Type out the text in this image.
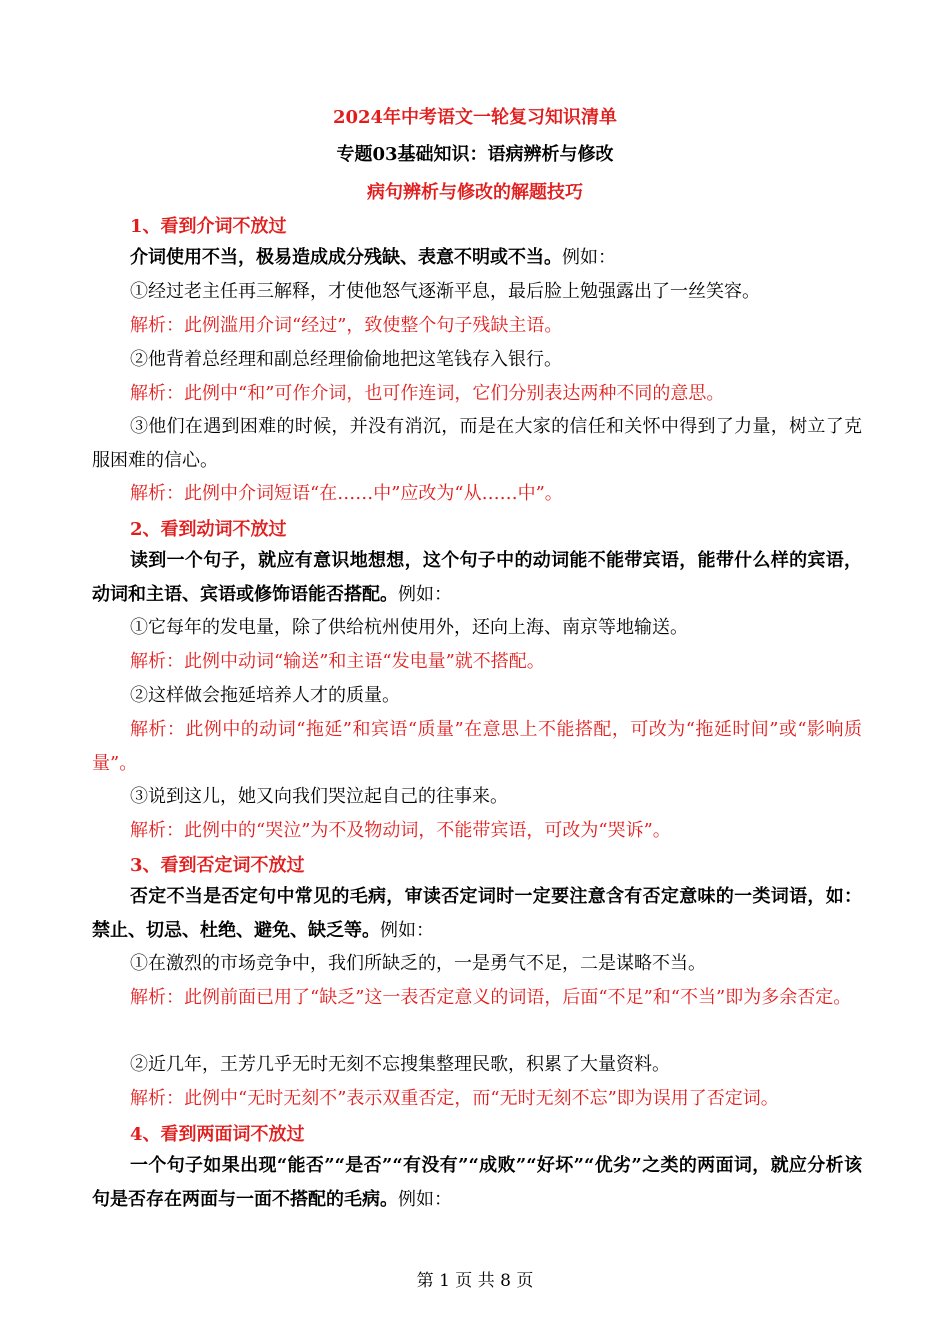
2024年中考语文一轮复习知识清单
专题03基础知识：语病辨析与修改
病句辨析与修改的解题技巧
1、看到介词不放过
介词使用不当，极易造成成分残缺、表意不明或不当。例如：
①经过老主任再三解释，才使他怒气逐渐平息，最后脸上勉强露出了一丝笑容。
解析：此例滥用介词“经过”，致使整个句子残缺主语。
②他背着总经理和副总经理偷偷地把这笔钱存入银行。
解析：此例中“和”可作介词，也可作连词，它们分别表达两种不同的意思。
③他们在遇到困难的时候，并没有消沉，而是在大家的信任和关怀中得到了力量，树立了克服困难的信心。
解析：此例中介词短语“在……中”应改为“从……中”。
2、看到动词不放过
读到一个句子，就应有意识地想想，这个句子中的动词能不能带宾语，能带什么样的宾语，动词和主语、宾语或修饰语能否搭配。例如：
①它每年的发电量，除了供给杭州使用外，还向上海、南京等地输送。
解析：此例中动词“输送”和主语“发电量”就不搭配。
②这样做会拖延培养人才的质量。
解析：此例中的动词“拖延”和宾语“质量”在意思上不能搭配，可改为“拖延时间”或“影响质量”。
③说到这儿，她又向我们哭泣起自己的往事来。
解析：此例中的“哭泣”为不及物动词，不能带宾语，可改为“哭诉”。
3、看到否定词不放过
否定不当是否定句中常见的毛病，审读否定词时一定要注意含有否定意味的一类词语，如：禁止、切忌、杜绝、避免、缺乏等。例如：
①在激烈的市场竞争中，我们所缺乏的，一是勇气不足，二是谋略不当。
解析：此例前面已用了“缺乏”这一表否定意义的词语，后面“不足”和“不当”即为多余否定。
②近几年，王芳几乎无时无刻不忘搜集整理民歌，积累了大量资料。
解析：此例中“无时无刻不”表示双重否定，而“无时无刻不忘”即为误用了否定词。
4、看到两面词不放过
一个句子如果出现“能否”“是否”“有没有”“成败”“好坏”“优劣”之类的两面词，就应分析该句是否存在两面与一面不搭配的毛病。例如：
第 1 页 共 8 页
